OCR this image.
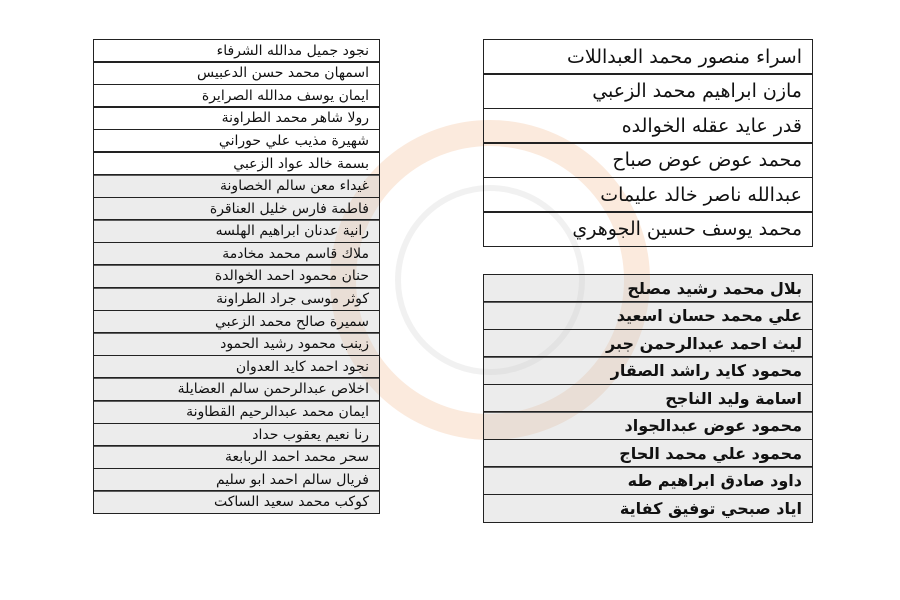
نجود جميل مدالله الشرفاء
اسمهان محمد حسن الدعبيس
ايمان يوسف مدالله الصرايرة
رولا شاهر محمد الطراونة
شهيرة مذيب علي حوراني
بسمة خالد عواد الزعبي
غيداء معن سالم الخصاونة
فاطمة فارس خليل العناقرة
رانية عدنان ابراهيم الهلسه
ملاك قاسم محمد مخادمة
حنان محمود احمد الخوالدة
كوثر موسى جراد الطراونة
سميرة صالح محمد الزعبي
زينب محمود رشيد الحمود
نجود احمد كايد العدوان
اخلاص عبدالرحمن سالم العضايلة
ايمان محمد عبدالرحيم القطاونة
رنا نعيم يعقوب حداد
سحر محمد احمد الربابعة
فريال سالم احمد ابو سليم
كوكب محمد سعيد الساكت
اسراء منصور محمد العبداللات
مازن ابراهيم محمد الزعبي
قدر عايد عقله الخوالده
محمد عوض عوض صباح
عبدالله ناصر خالد عليمات
محمد يوسف حسين الجوهري
بلال محمد رشيد مصلح
علي محمد حسان اسعيد
ليث احمد عبدالرحمن جبر
محمود كايد راشد الصقار
اسامة وليد الناجح
محمود عوض عبدالجواد
محمود علي محمد الحاج
داود صادق ابراهيم طه
اياد صبحي توفيق كفاية
